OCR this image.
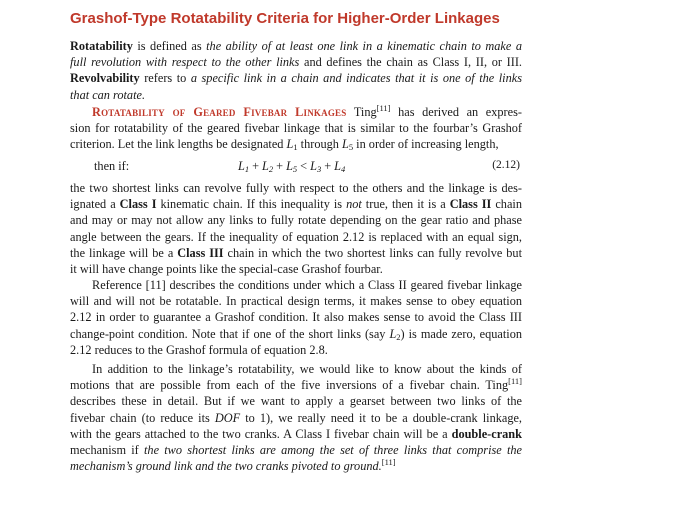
Grashof-Type Rotatability Criteria for Higher-Order Linkages

Rotatability is defined as the ability of at least one link in a kinematic chain to make a
full revolution with respect to the other links and defines the chain as Class I, II, or III.
Revolvability refers to a specific link in a chain and indicates that it is one of the links
that can rotate.

Rotatability of Geared Fivebar Linkages Ting[11] has derived an expres-
sion for rotatability of the geared fivebar linkage that is similar to the fourbar’s Grashof
criterion. Let the link lengths be designated $L_1$ through $L_5$ in order of increasing length,

then if:	$L_1 + L_2 + L_5 < L_3 + L_4$	(2.12)

the two shortest links can revolve fully with respect to the others and the linkage is des-
ignated a Class I kinematic chain. If this inequality is not true, then it is a Class II chain
and may or may not allow any links to fully rotate depending on the gear ratio and phase
angle between the gears. If the inequality of equation 2.12 is replaced with an equal sign,
the linkage will be a Class III chain in which the two shortest links can fully revolve but
it will have change points like the special-case Grashof fourbar.

Reference [11] describes the conditions under which a Class II geared fivebar linkage
will and will not be rotatable. In practical design terms, it makes sense to obey equation
2.12 in order to guarantee a Grashof condition. It also makes sense to avoid the Class III
change-point condition. Note that if one of the short links (say $L_2$) is made zero, equation
2.12 reduces to the Grashof formula of equation 2.8.

In addition to the linkage’s rotatability, we would like to know about the kinds of
motions that are possible from each of the five inversions of a fivebar chain. Ting[11]
describes these in detail. But if we want to apply a gearset between two links of the
fivebar chain (to reduce its DOF to 1), we really need it to be a double-crank linkage,
with the gears attached to the two cranks. A Class I fivebar chain will be a double-crank
mechanism if the two shortest links are among the set of three links that comprise the
mechanism’s ground link and the two cranks pivoted to ground.[11]
